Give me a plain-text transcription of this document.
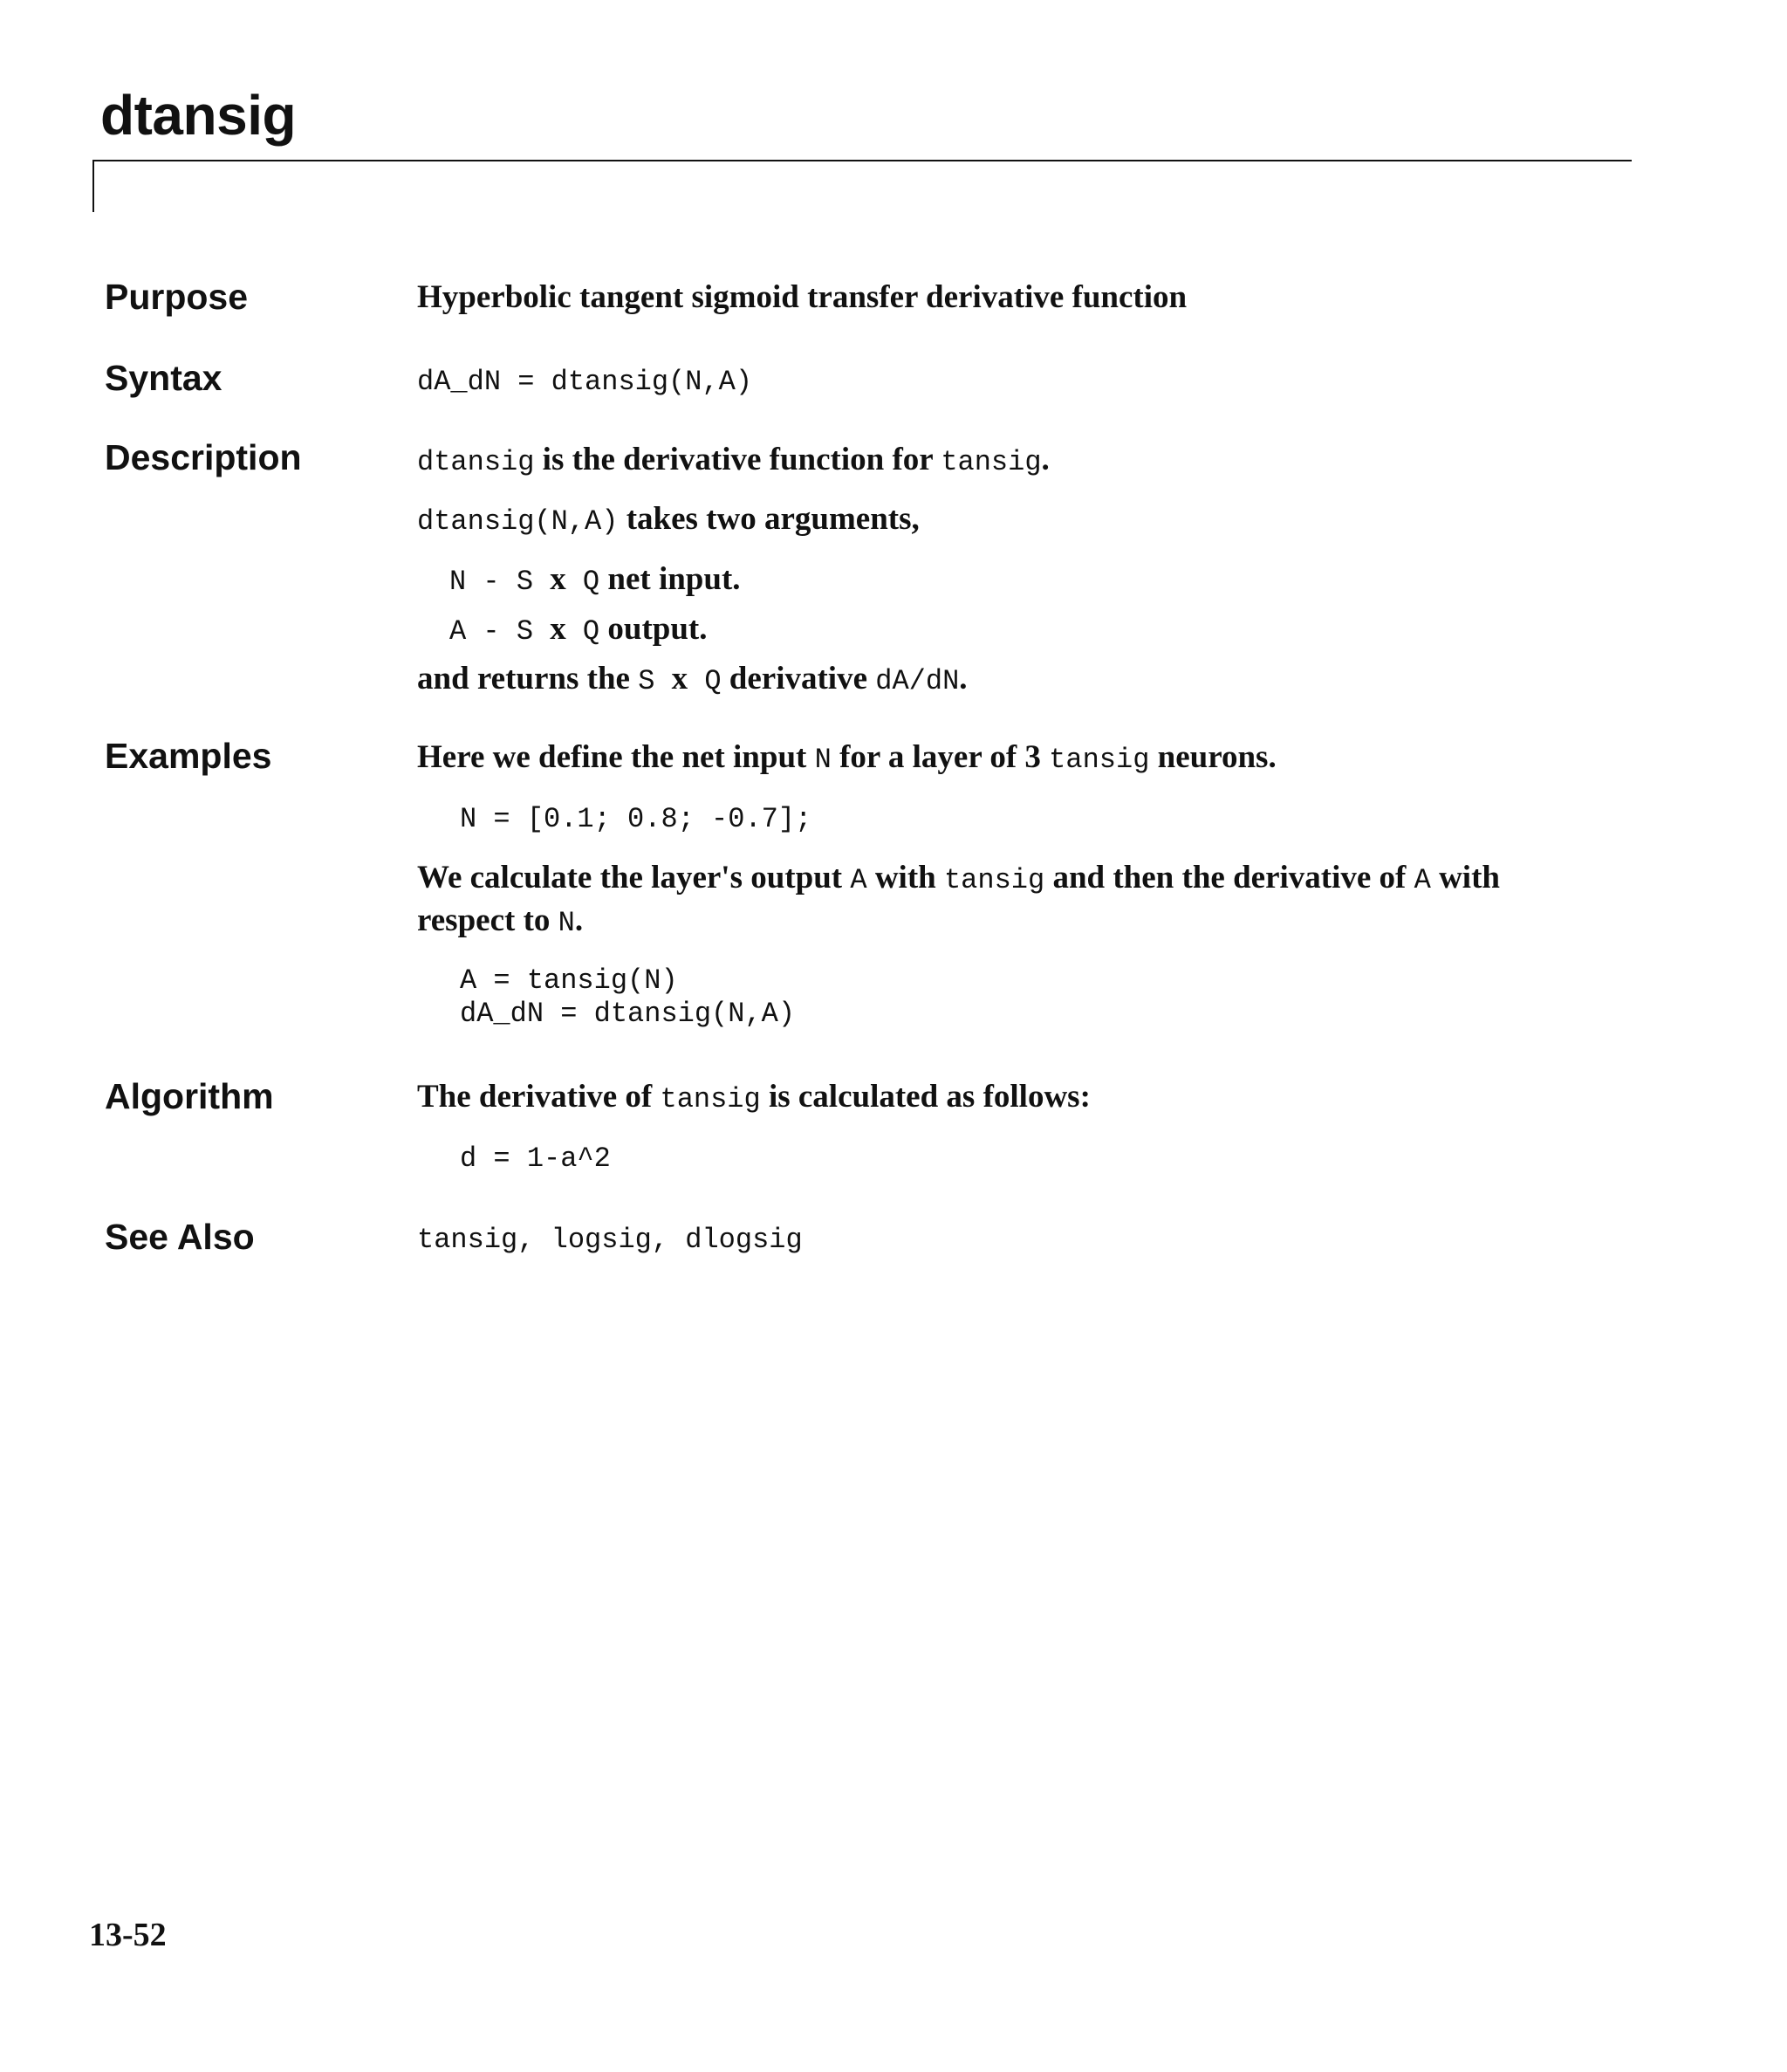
dtansig
Purpose	Hyperbolic tangent sigmoid transfer derivative function
Syntax	dA_dN = dtansig(N,A)
Description	dtansig is the derivative function for tansig.
dtansig(N,A) takes two arguments,
N - S x Q net input.
A - S x Q output.
and returns the S x Q derivative dA/dN.
Examples	Here we define the net input N for a layer of 3 tansig neurons.
N = [0.1; 0.8; -0.7];
We calculate the layer's output A with tansig and then the derivative of A with respect to N.
A = tansig(N)
dA_dN = dtansig(N,A)
Algorithm	The derivative of tansig is calculated as follows:
d = 1-a^2
See Also	tansig, logsig, dlogsig
13-52
